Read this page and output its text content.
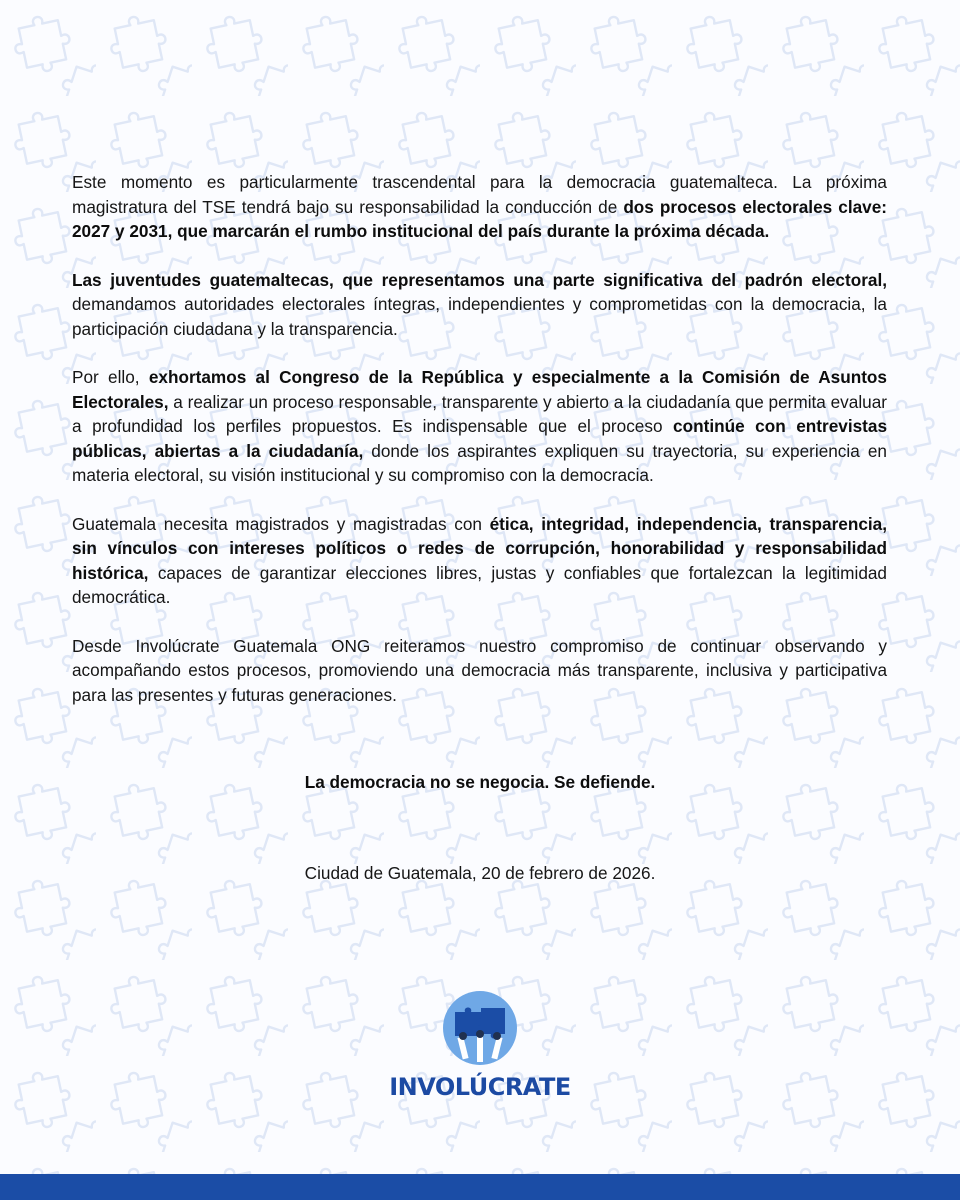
Este momento es particularmente trascendental para la democracia guatemalteca. La próxima magistratura del TSE tendrá bajo su responsabilidad la conducción de dos procesos electorales clave: 2027 y 2031, que marcarán el rumbo institucional del país durante la próxima década.

Las juventudes guatemaltecas, que representamos una parte significativa del padrón electoral, demandamos autoridades electorales íntegras, independientes y comprometidas con la democracia, la participación ciudadana y la transparencia.

Por ello, exhortamos al Congreso de la República y especialmente a la Comisión de Asuntos Electorales, a realizar un proceso responsable, transparente y abierto a la ciudadanía que permita evaluar a profundidad los perfiles propuestos. Es indispensable que el proceso continúe con entrevistas públicas, abiertas a la ciudadanía, donde los aspirantes expliquen su trayectoria, su experiencia en materia electoral, su visión institucional y su compromiso con la democracia.

Guatemala necesita magistrados y magistradas con ética, integridad, independencia, transparencia, sin vínculos con intereses políticos o redes de corrupción, honorabilidad y responsabilidad histórica, capaces de garantizar elecciones libres, justas y confiables que fortalezcan la legitimidad democrática.

Desde Involúcrate Guatemala ONG reiteramos nuestro compromiso de continuar observando y acompañando estos procesos, promoviendo una democracia más transparente, inclusiva y participativa para las presentes y futuras generaciones.

La democracia no se negocia. Se defiende.
Ciudad de Guatemala, 20 de febrero de 2026.
INVOLÚCRATE
